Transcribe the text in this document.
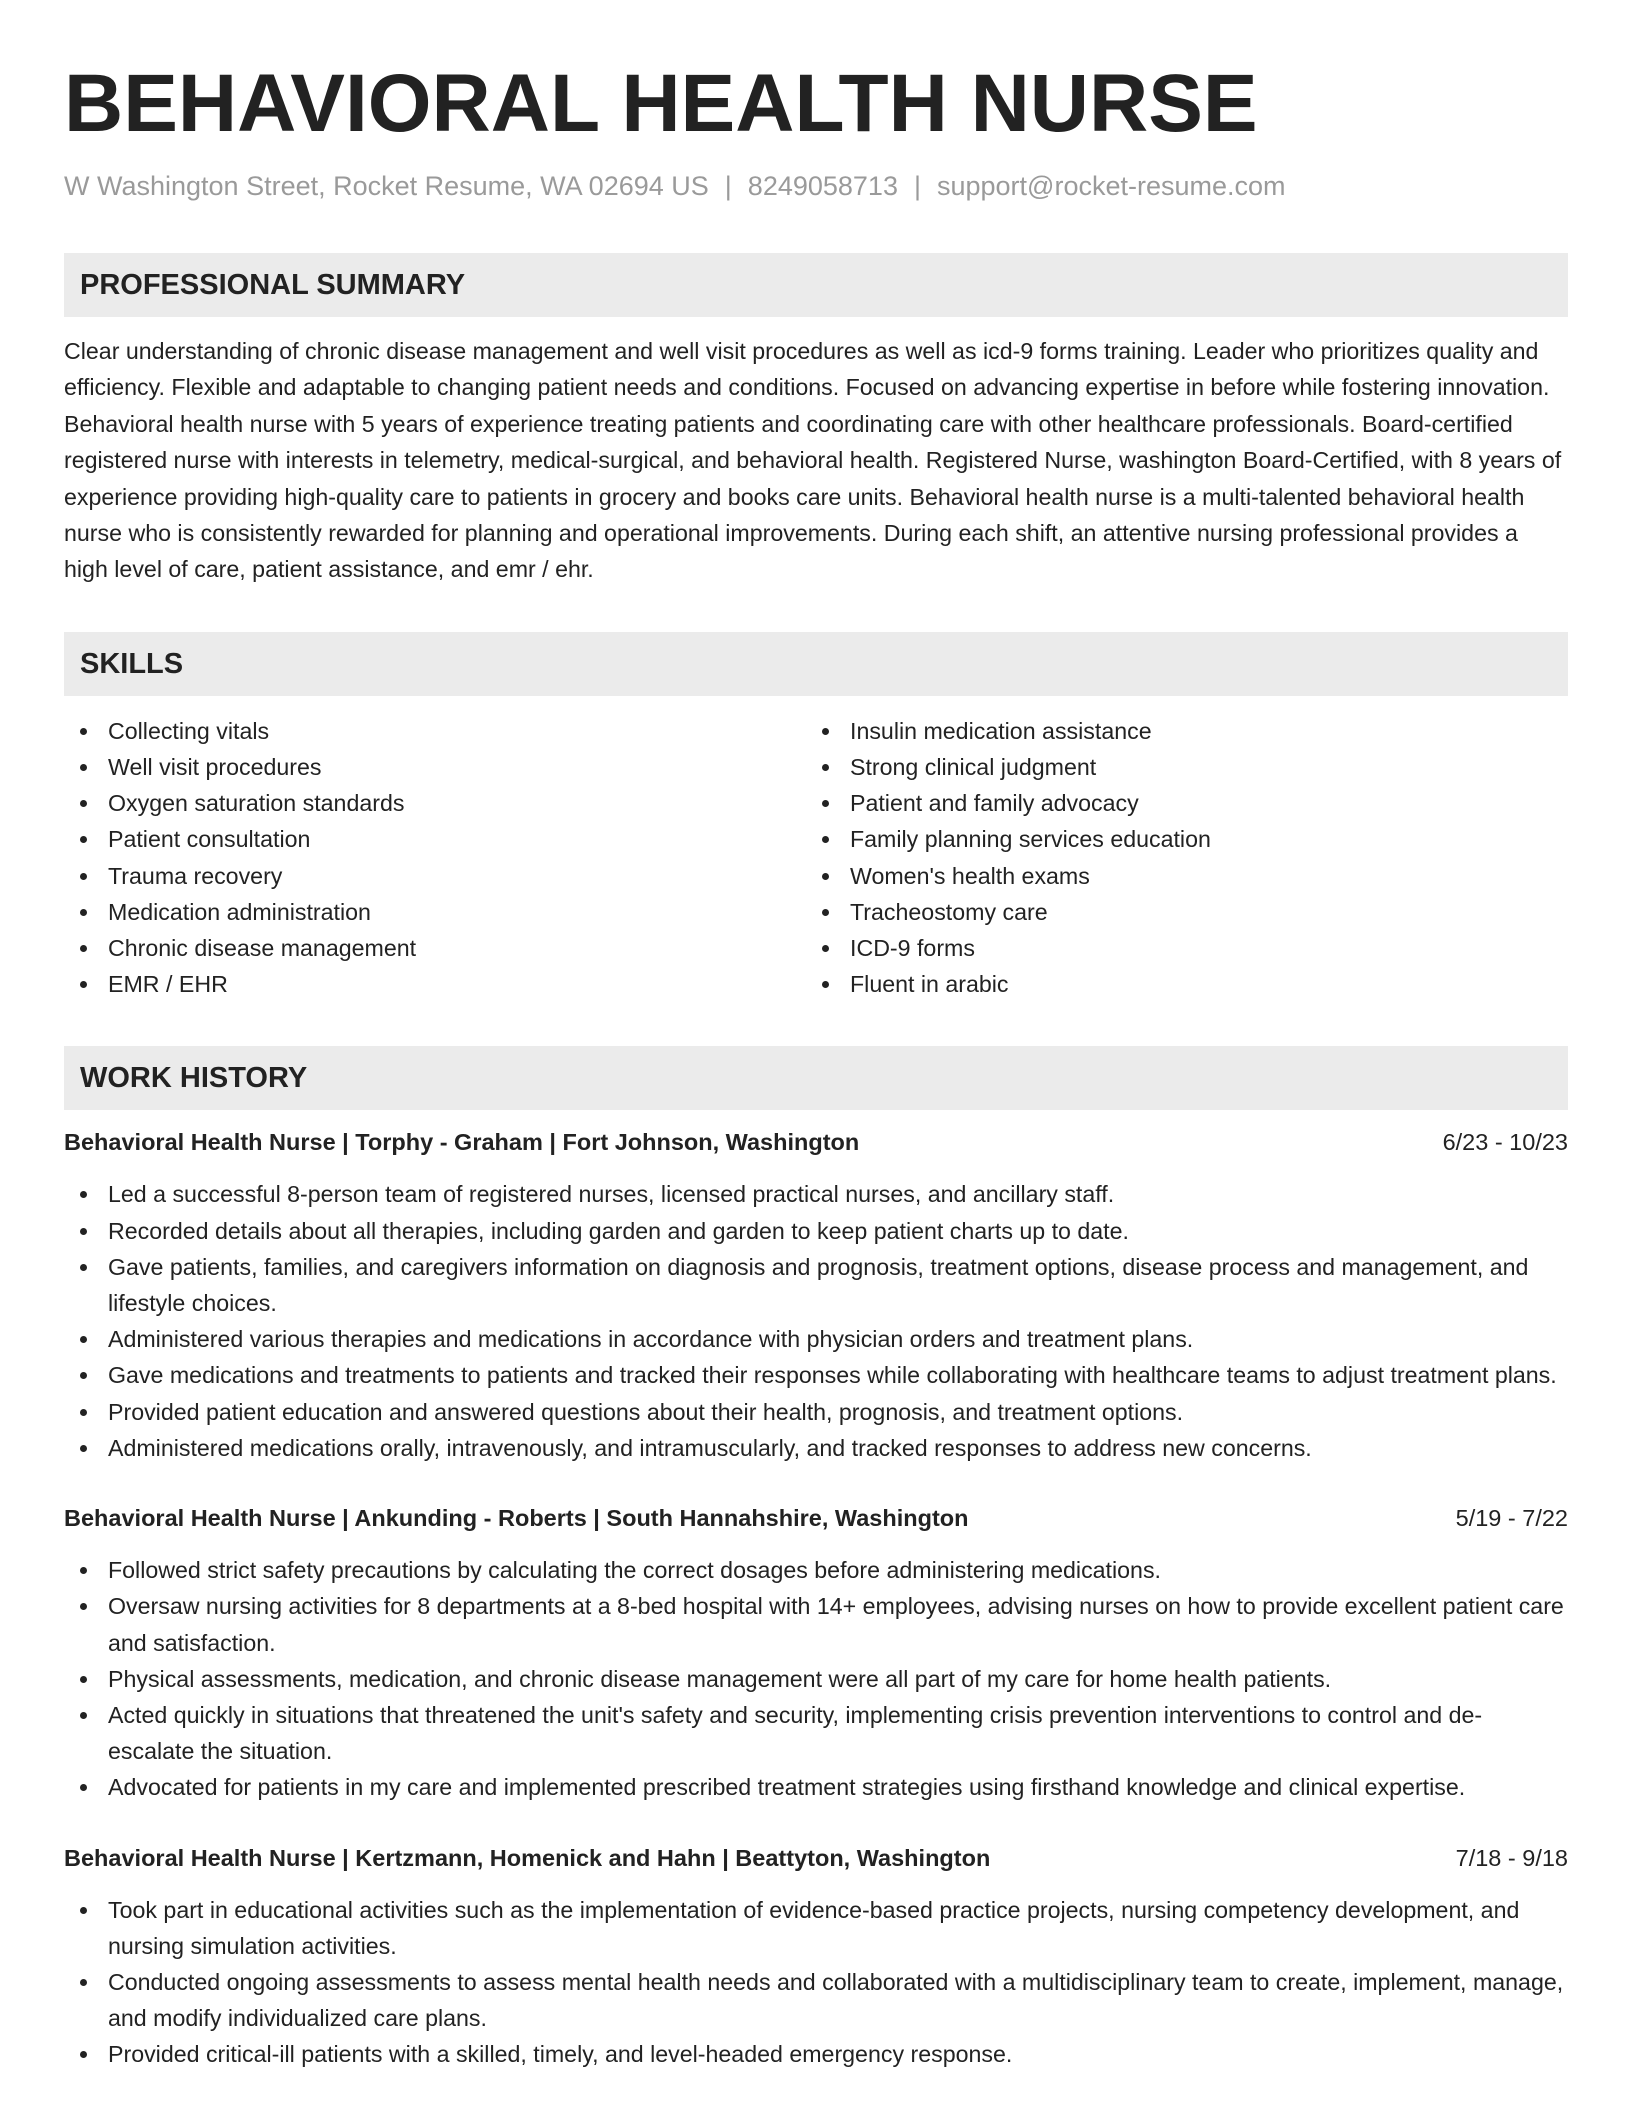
BEHAVIORAL HEALTH NURSE
W Washington Street, Rocket Resume, WA 02694 US | 8249058713 | support@rocket-resume.com
PROFESSIONAL SUMMARY
Clear understanding of chronic disease management and well visit procedures as well as icd-9 forms training. Leader who prioritizes quality and efficiency. Flexible and adaptable to changing patient needs and conditions. Focused on advancing expertise in before while fostering innovation. Behavioral health nurse with 5 years of experience treating patients and coordinating care with other healthcare professionals. Board-certified registered nurse with interests in telemetry, medical-surgical, and behavioral health. Registered Nurse, washington Board-Certified, with 8 years of experience providing high-quality care to patients in grocery and books care units. Behavioral health nurse is a multi-talented behavioral health nurse who is consistently rewarded for planning and operational improvements. During each shift, an attentive nursing professional provides a high level of care, patient assistance, and emr / ehr.
SKILLS
Collecting vitals
Well visit procedures
Oxygen saturation standards
Patient consultation
Trauma recovery
Medication administration
Chronic disease management
EMR / EHR
Insulin medication assistance
Strong clinical judgment
Patient and family advocacy
Family planning services education
Women's health exams
Tracheostomy care
ICD-9 forms
Fluent in arabic
WORK HISTORY
Behavioral Health Nurse | Torphy - Graham | Fort Johnson, Washington	6/23 - 10/23
Led a successful 8-person team of registered nurses, licensed practical nurses, and ancillary staff.
Recorded details about all therapies, including garden and garden to keep patient charts up to date.
Gave patients, families, and caregivers information on diagnosis and prognosis, treatment options, disease process and management, and lifestyle choices.
Administered various therapies and medications in accordance with physician orders and treatment plans.
Gave medications and treatments to patients and tracked their responses while collaborating with healthcare teams to adjust treatment plans.
Provided patient education and answered questions about their health, prognosis, and treatment options.
Administered medications orally, intravenously, and intramuscularly, and tracked responses to address new concerns.
Behavioral Health Nurse | Ankunding - Roberts | South Hannahshire, Washington	5/19 - 7/22
Followed strict safety precautions by calculating the correct dosages before administering medications.
Oversaw nursing activities for 8 departments at a 8-bed hospital with 14+ employees, advising nurses on how to provide excellent patient care and satisfaction.
Physical assessments, medication, and chronic disease management were all part of my care for home health patients.
Acted quickly in situations that threatened the unit's safety and security, implementing crisis prevention interventions to control and de-escalate the situation.
Advocated for patients in my care and implemented prescribed treatment strategies using firsthand knowledge and clinical expertise.
Behavioral Health Nurse | Kertzmann, Homenick and Hahn | Beattyton, Washington	7/18 - 9/18
Took part in educational activities such as the implementation of evidence-based practice projects, nursing competency development, and nursing simulation activities.
Conducted ongoing assessments to assess mental health needs and collaborated with a multidisciplinary team to create, implement, manage, and modify individualized care plans.
Provided critical-ill patients with a skilled, timely, and level-headed emergency response.
